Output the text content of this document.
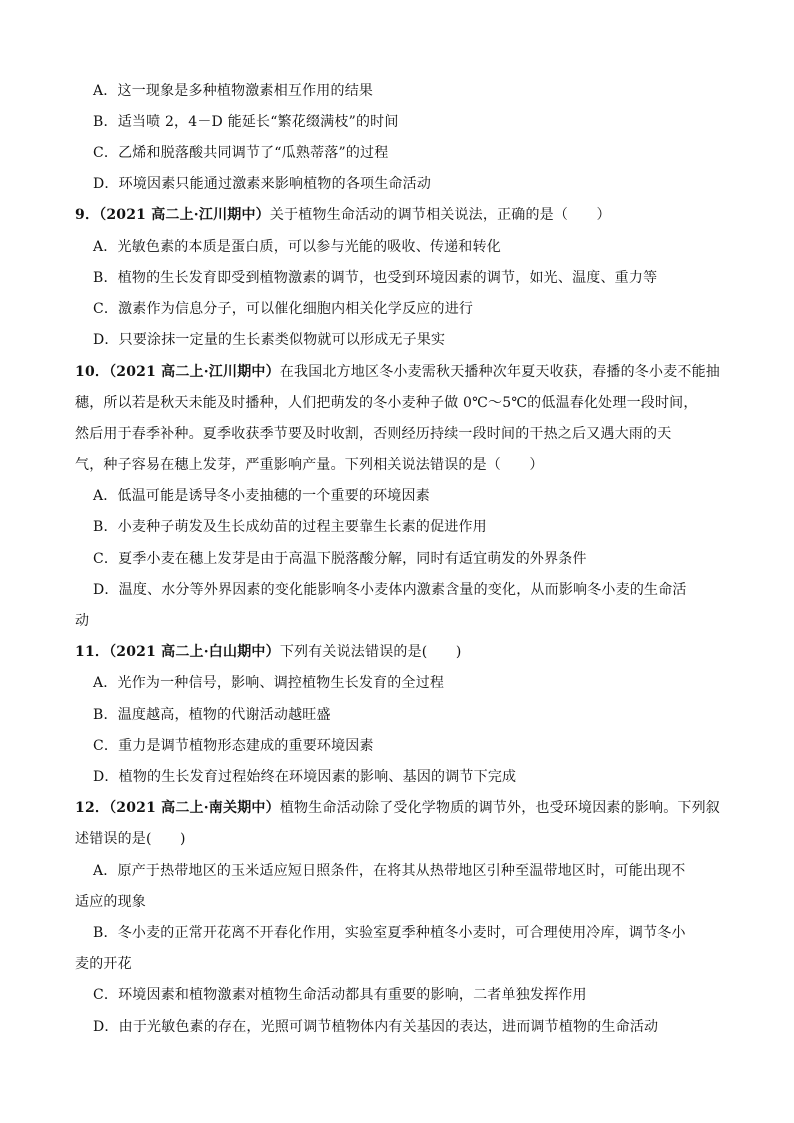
A．这一现象是多种植物激素相互作用的结果
B．适当喷 2，4－D 能延长“繁花缀满枝”的时间
C．乙烯和脱落酸共同调节了“瓜熟蒂落”的过程
D．环境因素只能通过激素来影响植物的各项生命活动
9．（2021 高二上·江川期中）关于植物生命活动的调节相关说法，正确的是（　　）
A．光敏色素的本质是蛋白质，可以参与光能的吸收、传递和转化
B．植物的生长发育即受到植物激素的调节，也受到环境因素的调节，如光、温度、重力等
C．激素作为信息分子，可以催化细胞内相关化学反应的进行
D．只要涂抹一定量的生长素类似物就可以形成无子果实
10．（2021 高二上·江川期中）在我国北方地区冬小麦需秋天播种次年夏天收获，春播的冬小麦不能抽
穗，所以若是秋天未能及时播种，人们把萌发的冬小麦种子做 0℃～5℃的低温春化处理一段时间，
然后用于春季补种。夏季收获季节要及时收割，否则经历持续一段时间的干热之后又遇大雨的天
气，种子容易在穗上发芽，严重影响产量。下列相关说法错误的是（　　）
A．低温可能是诱导冬小麦抽穗的一个重要的环境因素
B．小麦种子萌发及生长成幼苗的过程主要靠生长素的促进作用
C．夏季小麦在穗上发芽是由于高温下脱落酸分解，同时有适宜萌发的外界条件
D．温度、水分等外界因素的变化能影响冬小麦体内激素含量的变化，从而影响冬小麦的生命活
动
11．（2021 高二上·白山期中）下列有关说法错误的是(　　)
A．光作为一种信号，影响、调控植物生长发育的全过程
B．温度越高，植物的代谢活动越旺盛
C．重力是调节植物形态建成的重要环境因素
D．植物的生长发育过程始终在环境因素的影响、基因的调节下完成
12．（2021 高二上·南关期中）植物生命活动除了受化学物质的调节外，也受环境因素的影响。下列叙
述错误的是(　　)
A．原产于热带地区的玉米适应短日照条件，在将其从热带地区引种至温带地区时，可能出现不
适应的现象
B．冬小麦的正常开花离不开春化作用，实验室夏季种植冬小麦时，可合理使用冷库，调节冬小
麦的开花
C．环境因素和植物激素对植物生命活动都具有重要的影响，二者单独发挥作用
D．由于光敏色素的存在，光照可调节植物体内有关基因的表达，进而调节植物的生命活动
